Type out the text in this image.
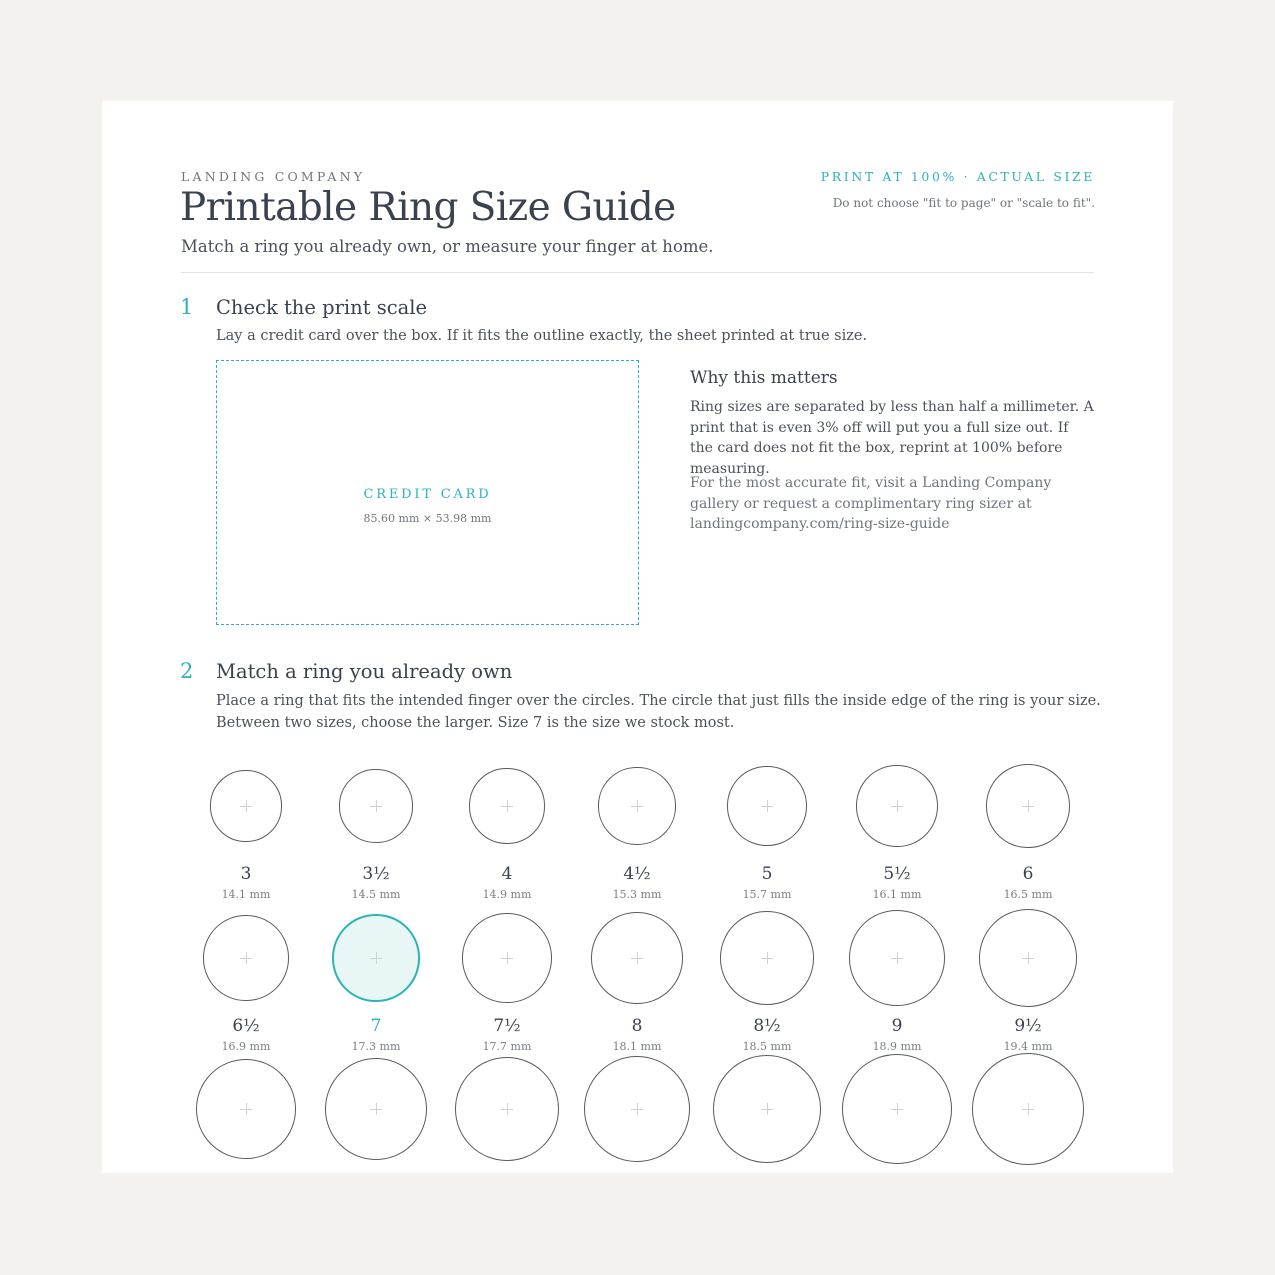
LANDING COMPANY
Printable Ring Size Guide
Match a ring you already own, or measure your finger at home.
PRINT AT 100% · ACTUAL SIZE
Do not choose "fit to page" or "scale to fit".
1 Check the print scale
Lay a credit card over the box. If it fits the outline exactly, the sheet printed at true size.
CREDIT CARD
85.60 mm × 53.98 mm
Why this matters
Ring sizes are separated by less than half a millimeter. A print that is even 3% off will put you a full size out. If the card does not fit the box, reprint at 100% before measuring.
For the most accurate fit, visit a Landing Company gallery or request a complimentary ring sizer at landingcompany.com/ring-size-guide
2 Match a ring you already own
Place a ring that fits the intended finger over the circles. The circle that just fills the inside edge of the ring is your size.
Between two sizes, choose the larger. Size 7 is the size we stock most.
3
14.1 mm
3½
14.5 mm
4
14.9 mm
4½
15.3 mm
5
15.7 mm
5½
16.1 mm
6
16.5 mm
6½
16.9 mm
7
17.3 mm
7½
17.7 mm
8
18.1 mm
8½
18.5 mm
9
18.9 mm
9½
19.4 mm
